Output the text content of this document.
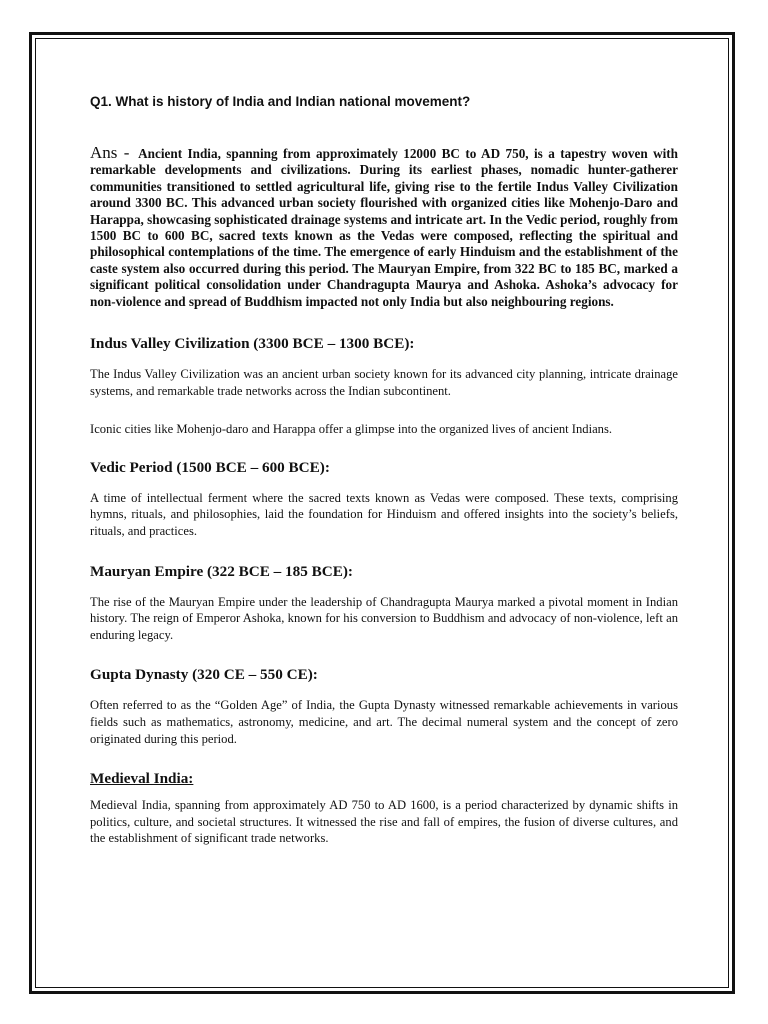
Q1. What is history of India and Indian national movement?

Ans - Ancient India, spanning from approximately 12000 BC to AD 750, is a tapestry woven with remarkable developments and civilizations. During its earliest phases, nomadic hunter-gatherer communities transitioned to settled agricultural life, giving rise to the fertile Indus Valley Civilization around 3300 BC. This advanced urban society flourished with organized cities like Mohenjo-Daro and Harappa, showcasing sophisticated drainage systems and intricate art. In the Vedic period, roughly from 1500 BC to 600 BC, sacred texts known as the Vedas were composed, reflecting the spiritual and philosophical contemplations of the time. The emergence of early Hinduism and the establishment of the caste system also occurred during this period. The Mauryan Empire, from 322 BC to 185 BC, marked a significant political consolidation under Chandragupta Maurya and Ashoka. Ashoka’s advocacy for non-violence and spread of Buddhism impacted not only India but also neighbouring regions.

Indus Valley Civilization (3300 BCE – 1300 BCE):

The Indus Valley Civilization was an ancient urban society known for its advanced city planning, intricate drainage systems, and remarkable trade networks across the Indian subcontinent.

Iconic cities like Mohenjo-daro and Harappa offer a glimpse into the organized lives of ancient Indians.

Vedic Period (1500 BCE – 600 BCE):

A time of intellectual ferment where the sacred texts known as Vedas were composed. These texts, comprising hymns, rituals, and philosophies, laid the foundation for Hinduism and offered insights into the society’s beliefs, rituals, and practices.

Mauryan Empire (322 BCE – 185 BCE):

The rise of the Mauryan Empire under the leadership of Chandragupta Maurya marked a pivotal moment in Indian history. The reign of Emperor Ashoka, known for his conversion to Buddhism and advocacy of non-violence, left an enduring legacy.

Gupta Dynasty (320 CE – 550 CE):

Often referred to as the “Golden Age” of India, the Gupta Dynasty witnessed remarkable achievements in various fields such as mathematics, astronomy, medicine, and art. The decimal numeral system and the concept of zero originated during this period.

Medieval India:

Medieval India, spanning from approximately AD 750 to AD 1600, is a period characterized by dynamic shifts in politics, culture, and societal structures. It witnessed the rise and fall of empires, the fusion of diverse cultures, and the establishment of significant trade networks.
